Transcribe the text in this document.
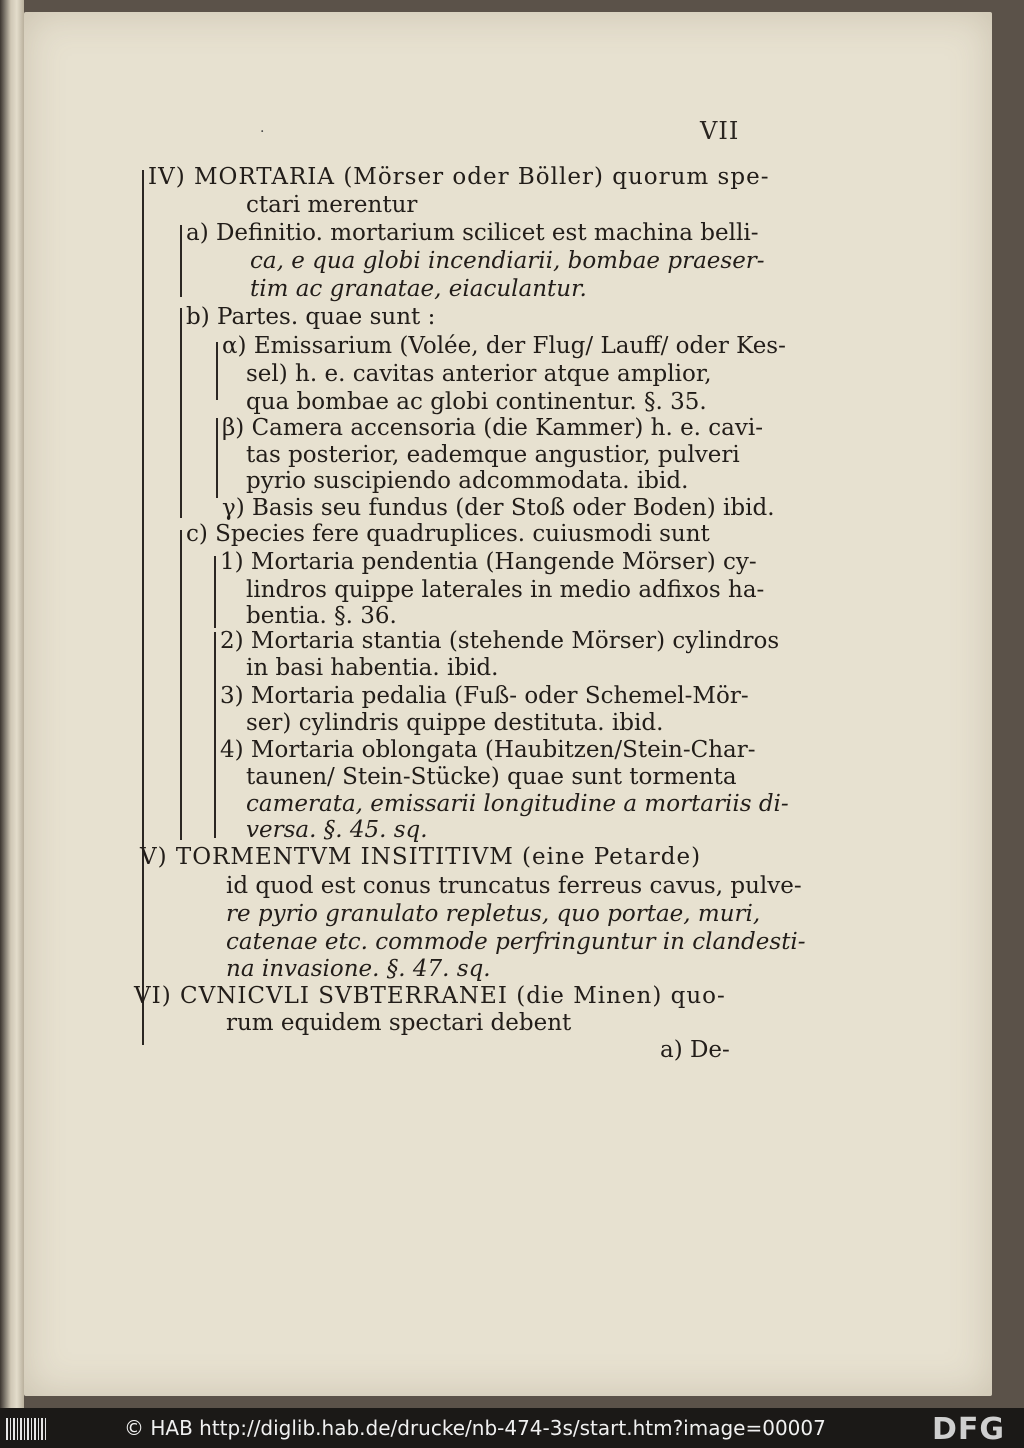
·	VII
IV) MORTARIA (Mörser oder Böller) quorum spe-
ctari merentur
a) Definitio. mortarium scilicet est machina belli-
ca, e qua globi incendiarii, bombae praeser-
tim ac granatae, eiaculantur.
b) Partes. quae sunt :
α) Emissarium (Volée, der Flug/ Lauff/ oder Kes-
sel) h. e. cavitas anterior atque amplior,
qua bombae ac globi continentur. §. 35.
β) Camera accensoria (die Kammer) h. e. cavi-
tas posterior, eademque angustior, pulveri
pyrio suscipiendo adcommodata. ibid.
γ) Basis seu fundus (der Stoß oder Boden) ibid.
c) Species fere quadruplices. cuiusmodi sunt
1) Mortaria pendentia (Hangende Mörser) cy-
lindros quippe laterales in medio adfixos ha-
bentia. §. 36.
2) Mortaria stantia (stehende Mörser) cylindros
in basi habentia. ibid.
3) Mortaria pedalia (Fuß- oder Schemel-Mör-
ser) cylindris quippe destituta. ibid.
4) Mortaria oblongata (Haubitzen/Stein-Char-
taunen/ Stein-Stücke) quae sunt tormenta
camerata, emissarii longitudine a mortariis di-
versa. §. 45. sq.
V) TORMENTVM INSITITIVM (eine Petarde)
id quod est conus truncatus ferreus cavus, pulve-
re pyrio granulato repletus, quo portae, muri,
catenae etc. commode perfringuntur in clandesti-
na invasione. §. 47. sq.
VI) CVNICVLI SVBTERRANEI (die Minen) quo-
rum equidem spectari debent
a) De-
© HAB http://diglib.hab.de/drucke/nb-474-3s/start.htm?image=00007	DFG
